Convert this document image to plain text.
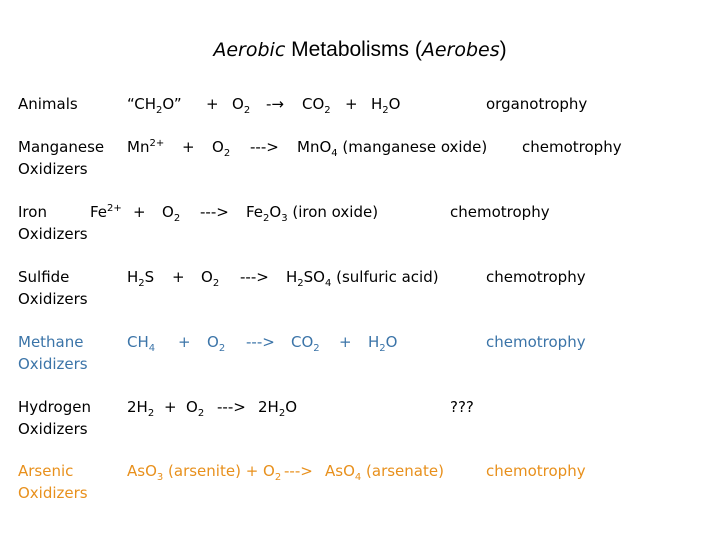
Aerobic Metabolisms (Aerobes)
Animals	“$CH_2O$” + $O_2 -\to CO_2 + H_2O$	organotrophy
Manganese
Oxidizers
$Mn^{2+} + O_2$ ---> MnO$_4$ (manganese oxide) chemotrophy
Iron
Oxidizers
$Fe^{2+} + O_2$ ---> $Fe_2O_3$ (iron oxide)	chemotrophy
Sulfide
Oxidizers
$H_2S + O_2$ ---> $H_2SO_4$ (sulfuric acid)	chemotrophy
Methane
Oxidizers
$CH_4 + O_2$ ---> $CO_2 + H_2O$	chemotrophy
Hydrogen
Oxidizers
$2H_2 + O_2$ ---> $2H_2O$	???
Arsenic
Oxidizers
AsO$_3$ (arsenite) + $O_2$ ---> AsO$_4$ (arsenate)	chemotrophy
